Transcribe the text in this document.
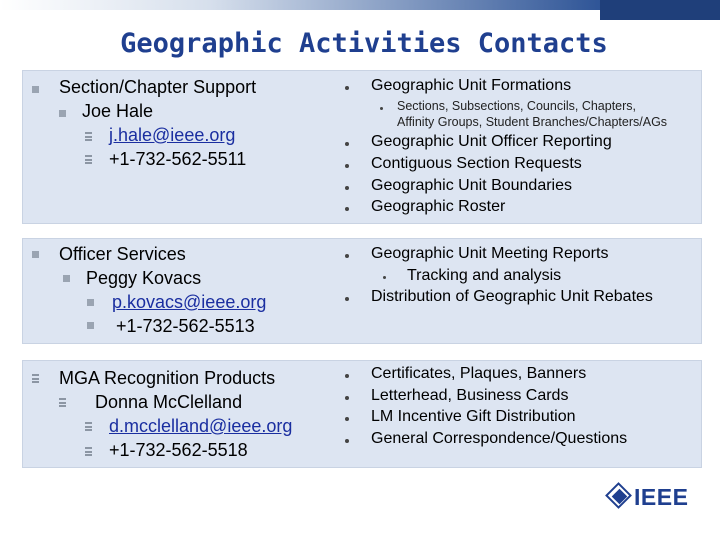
Geographic Activities Contacts
Section/Chapter Support
Joe Hale
j.hale@ieee.org
+1-732-562-5511
Geographic Unit Formations
Sections, Subsections, Councils, Chapters,
Affinity Groups, Student Branches/Chapters/AGs
Geographic Unit Officer Reporting
Contiguous Section Requests
Geographic Unit Boundaries
Geographic Roster
Officer Services
Peggy Kovacs
p.kovacs@ieee.org
+1-732-562-5513
Geographic Unit Meeting Reports
Tracking and analysis
Distribution of Geographic Unit Rebates
MGA Recognition Products
Donna McClelland
d.mcclelland@ieee.org
+1-732-562-5518
Certificates, Plaques, Banners
Letterhead, Business Cards
LM Incentive Gift Distribution
General Correspondence/Questions
IEEE
